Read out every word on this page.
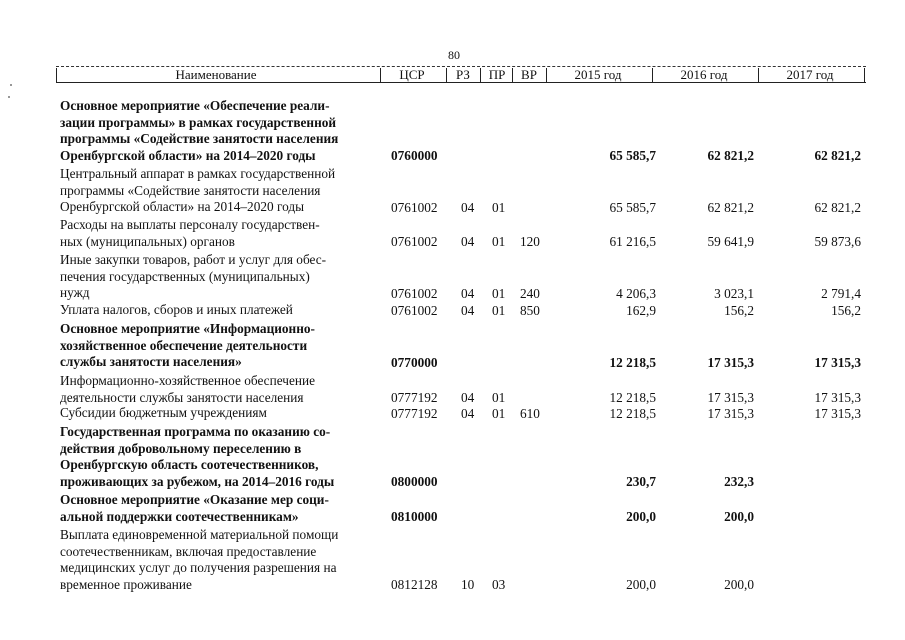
80
Наименование	ЦСР	РЗ	ПР	ВР	2015 год	2016 год	2017 год
Основное мероприятие «Обеспечение реали-
зации программы» в рамках государственной
программы «Содействие занятости населения
Оренбургской области» на 2014–2020 годы	0760000	65 585,7	62 821,2	62 821,2
Центральный аппарат в рамках государственной
программы «Содействие занятости населения
Оренбургской области» на 2014–2020 годы	0761002 04 01	65 585,7	62 821,2	62 821,2
Расходы на выплаты персоналу государствен-
ных (муниципальных) органов	0761002 04 01 120	61 216,5	59 641,9	59 873,6
Иные закупки товаров, работ и услуг для обес-
печения государственных (муниципальных)
нужд	0761002 04 01 240	4 206,3	3 023,1	2 791,4
Уплата налогов, сборов и иных платежей	0761002 04 01 850	162,9	156,2	156,2
Основное мероприятие «Информационно-
хозяйственное обеспечение деятельности
службы занятости населения»	0770000	12 218,5	17 315,3	17 315,3
Информационно-хозяйственное обеспечение
деятельности службы занятости населения	0777192 04 01	12 218,5	17 315,3	17 315,3
Субсидии бюджетным учреждениям	0777192 04 01 610	12 218,5	17 315,3	17 315,3
Государственная программа по оказанию со-
действия добровольному переселению в
Оренбургскую область соотечественников,
проживающих за рубежом, на 2014–2016 годы	0800000	230,7	232,3
Основное мероприятие «Оказание мер соци-
альной поддержки соотечественникам»	0810000	200,0	200,0
Выплата единовременной материальной помощи
соотечественникам, включая предоставление
медицинских услуг до получения разрешения на
временное проживание	0812128 10 03	200,0	200,0
